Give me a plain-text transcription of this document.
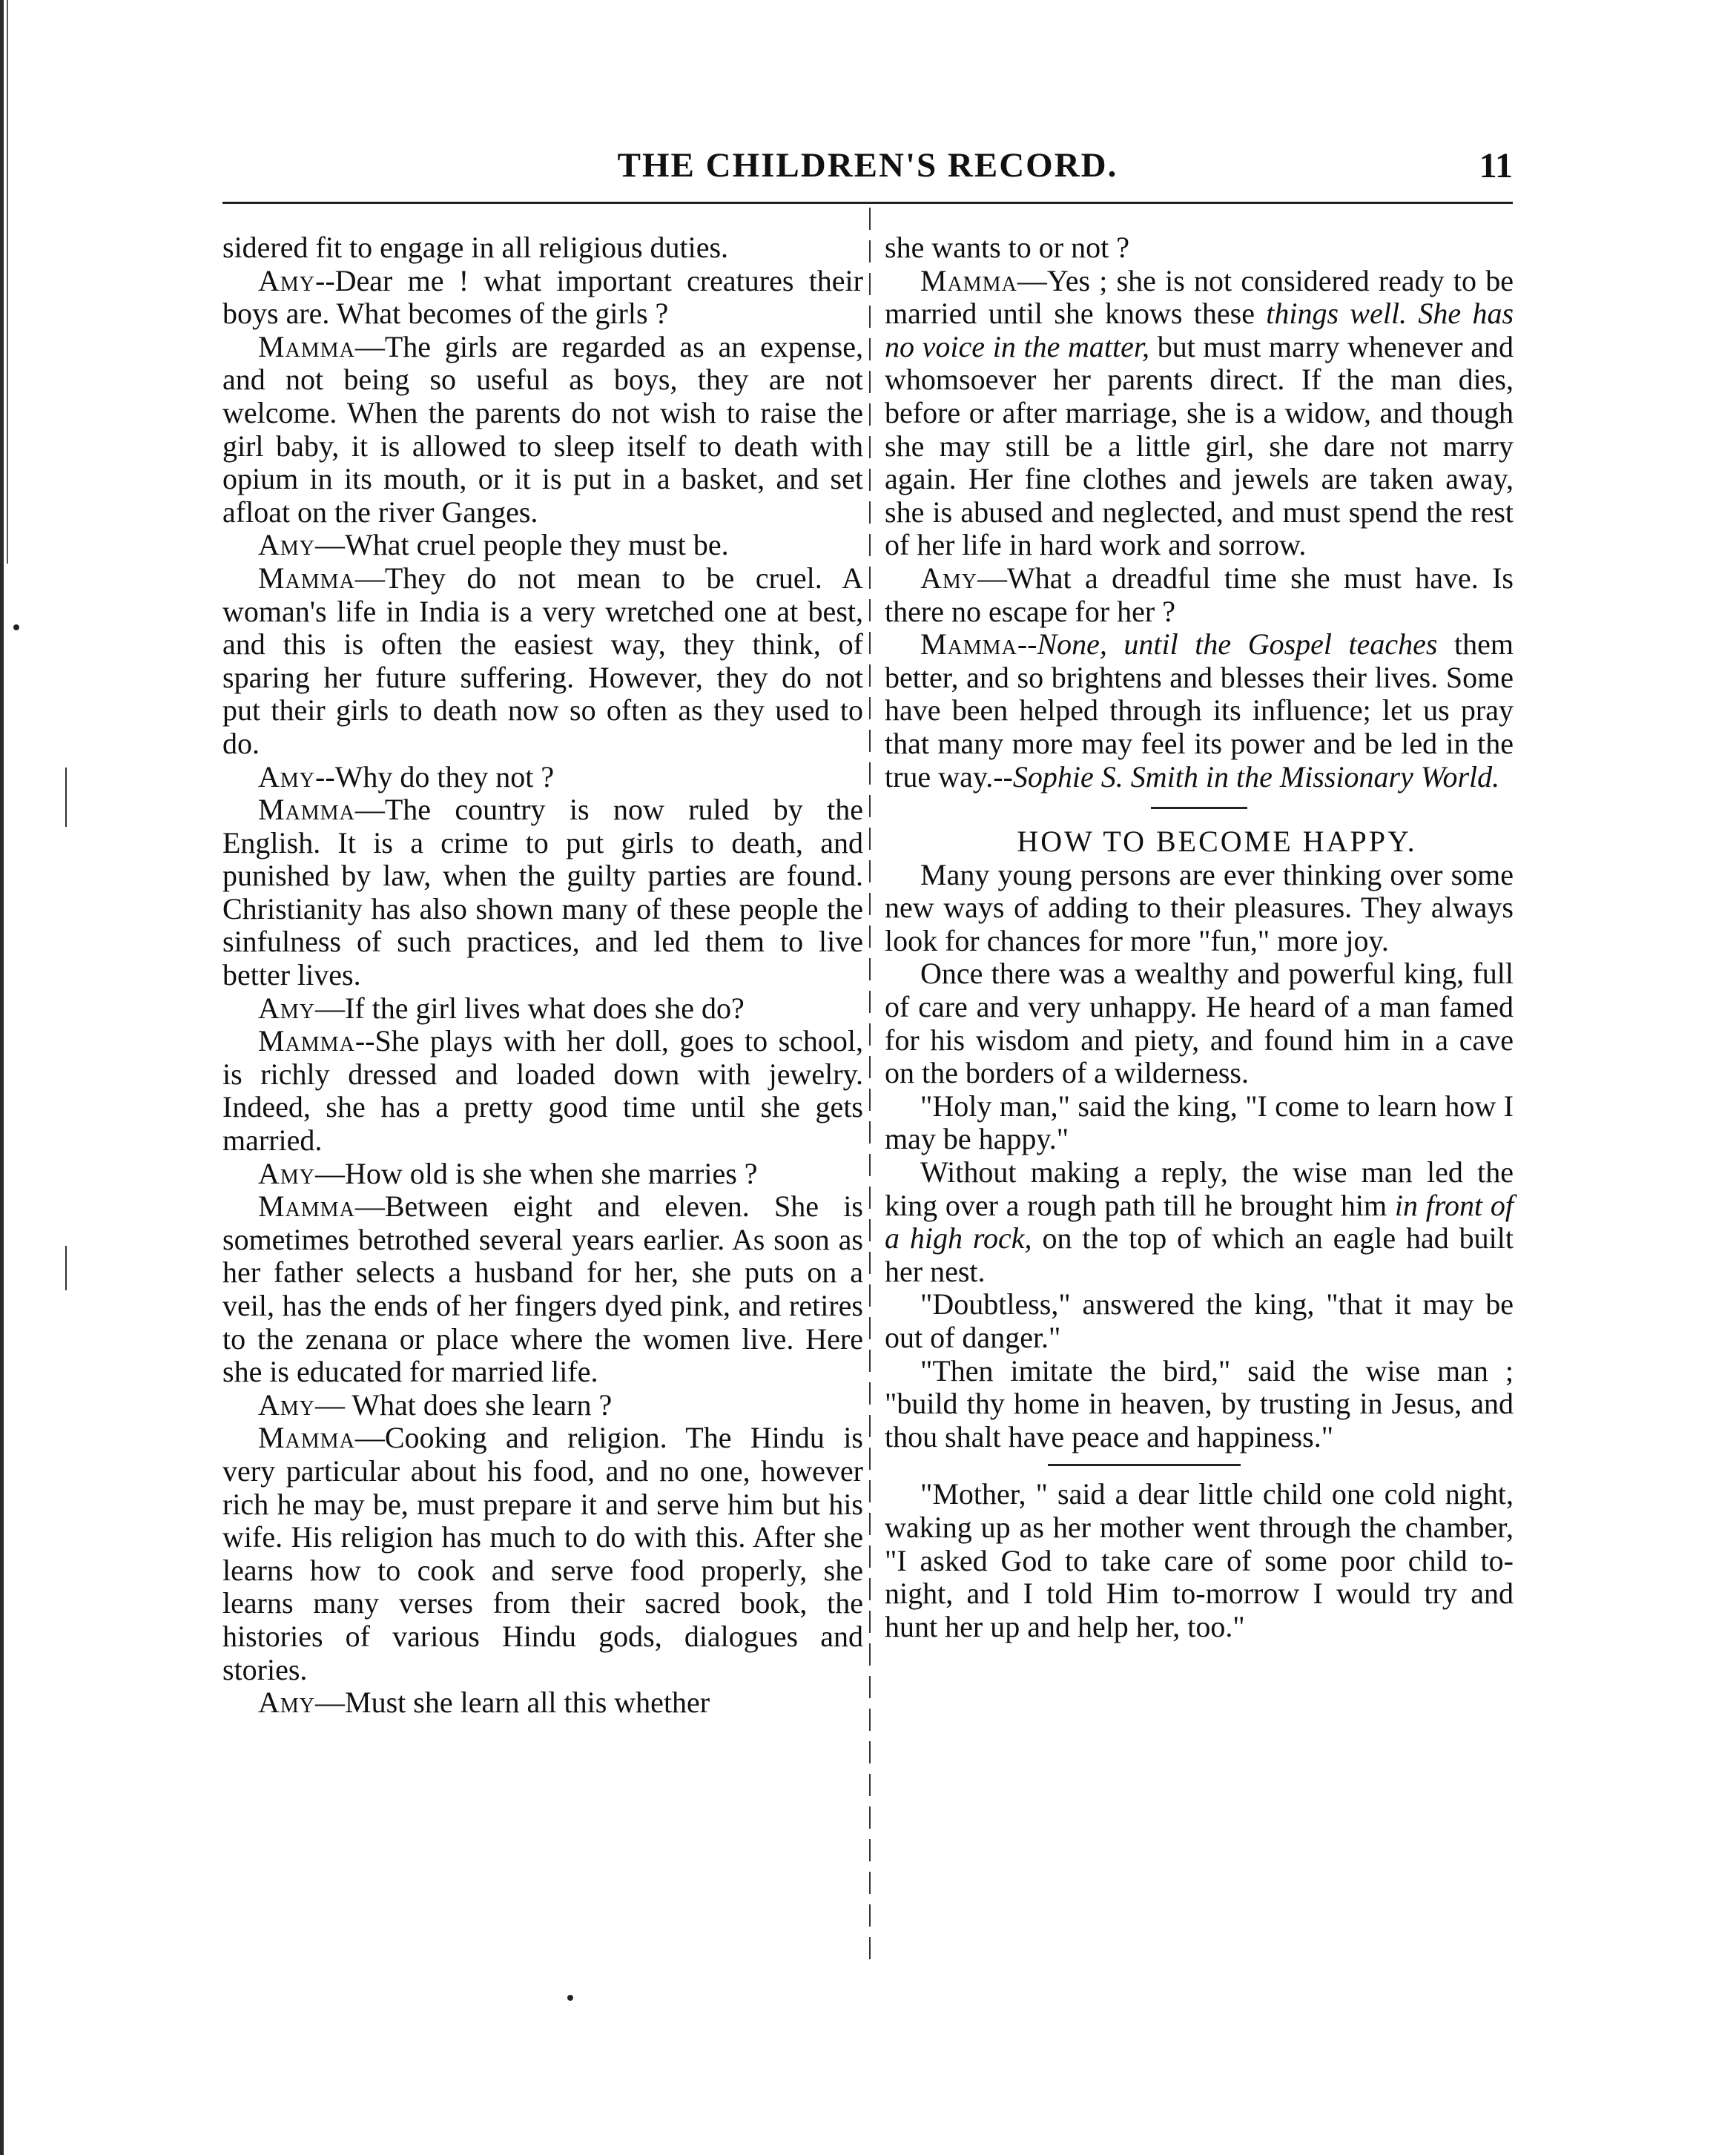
THE CHILDREN'S RECORD.	11

sidered fit to engage in all religious duties.

Amy--Dear me ! what important creatures their boys are. What becomes of the girls ?

Mamma—The girls are regarded as an expense, and not being so useful as boys, they are not welcome. When the parents do not wish to raise the girl baby, it is allowed to sleep itself to death with opium in its mouth, or it is put in a basket, and set afloat on the river Ganges.

Amy—What cruel people they must be.

Mamma—They do not mean to be cruel. A woman's life in India is a very wretched one at best, and this is often the easiest way, they think, of sparing her future suffering. However, they do not put their girls to death now so often as they used to do.

Amy--Why do they not ?

Mamma—The country is now ruled by the English. It is a crime to put girls to death, and punished by law, when the guilty parties are found. Christianity has also shown many of these people the sinfulness of such practices, and led them to live better lives.

Amy—If the girl lives what does she do?

Mamma--She plays with her doll, goes to school, is richly dressed and loaded down with jewelry. Indeed, she has a pretty good time until she gets married.

Amy—How old is she when she marries ?

Mamma—Between eight and eleven. She is sometimes betrothed several years earlier. As soon as her father selects a husband for her, she puts on a veil, has the ends of her fingers dyed pink, and retires to the zenana or place where the women live. Here she is educated for married life.

Amy— What does she learn ?

Mamma—Cooking and religion. The Hindu is very particular about his food, and no one, however rich he may be, must prepare it and serve him but his wife. His religion has much to do with this. After she learns how to cook and serve food properly, she learns many verses from their sacred book, the histories of various Hindu gods, dialogues and stories.

Amy—Must she learn all this whether

she wants to or not ?

Mamma—Yes ; she is not considered ready to be married until she knows these things well. She has no voice in the matter, but must marry whenever and whomsoever her parents direct. If the man dies, before or after marriage, she is a widow, and though she may still be a little girl, she dare not marry again. Her fine clothes and jewels are taken away, she is abused and neglected, and must spend the rest of her life in hard work and sorrow.

Amy—What a dreadful time she must have. Is there no escape for her ?

Mamma--None, until the Gospel teaches them better, and so brightens and blesses their lives. Some have been helped through its influence; let us pray that many more may feel its power and be led in the true way.--Sophie S. Smith in the Missionary World.

HOW TO BECOME HAPPY.

Many young persons are ever thinking over some new ways of adding to their pleasures. They always look for chances for more "fun," more joy.

Once there was a wealthy and powerful king, full of care and very unhappy. He heard of a man famed for his wisdom and piety, and found him in a cave on the borders of a wilderness.

"Holy man," said the king, "I come to learn how I may be happy."

Without making a reply, the wise man led the king over a rough path till he brought him in front of a high rock, on the top of which an eagle had built her nest.

"Doubtless," answered the king, "that it may be out of danger."

"Then imitate the bird," said the wise man ; "build thy home in heaven, by trusting in Jesus, and thou shalt have peace and happiness."

"Mother, " said a dear little child one cold night, waking up as her mother went through the chamber, "I asked God to take care of some poor child to-night, and I told Him to-morrow I would try and hunt her up and help her, too."
